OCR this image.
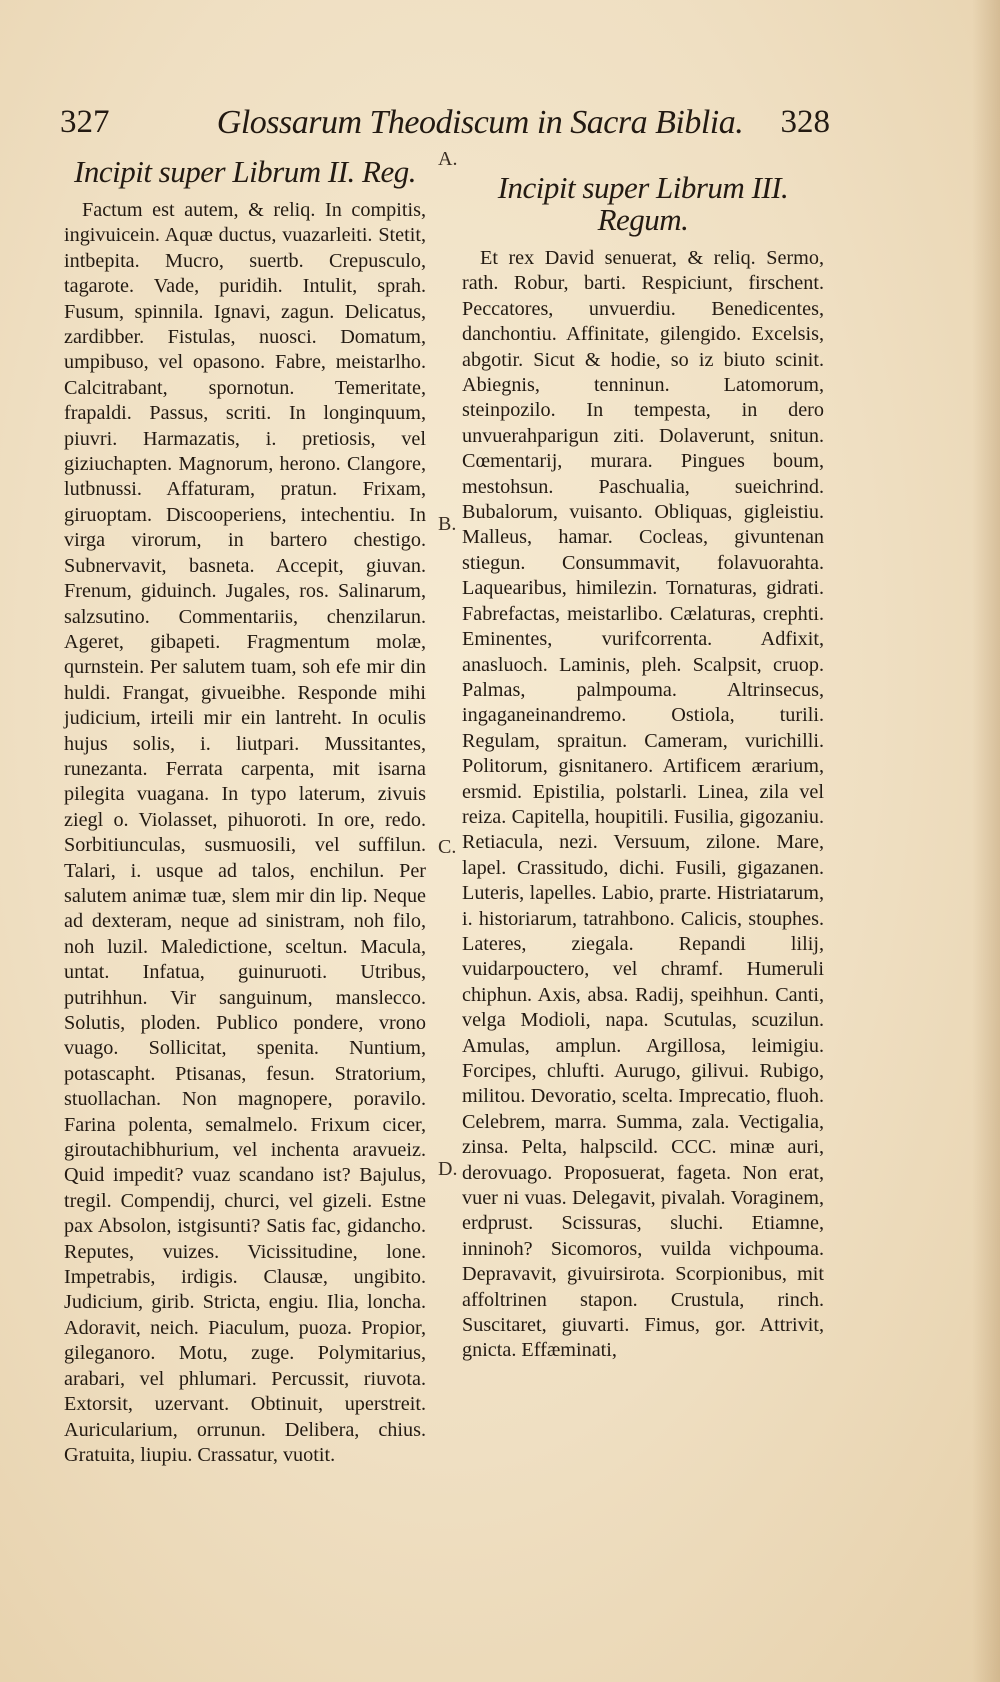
327	Glossarum Theodiscum in Sacra Biblia.	328
A.
B.
C.
D.
Incipit super Librum II. Reg.

Factum est autem, & reliq. In compitis, ingivuicein. Aquæ ductus, vuazarleiti. Stetit, intbepita. Mucro, suertb. Crepusculo, tagarote. Vade, puridih. Intulit, sprah. Fusum, spinnila. Ignavi, zagun. Delicatus, zardibber. Fistulas, nuosci. Domatum, umpibuso, vel opasono. Fabre, meistarlho. Calcitrabant, spornotun. Temeritate, frapaldi. Passus, scriti. In longinquum, piuvri. Harmazatis, i. pretiosis, vel giziuchapten. Magnorum, herono. Clangore, lutbnussi. Affaturam, pratun. Frixam, giruoptam. Discooperiens, intechentiu. In virga virorum, in bartero chestigo. Subnervavit, basneta. Accepit, giuvan. Frenum, giduinch. Jugales, ros. Salinarum, salzsutino. Commentariis, chenzilarun. Ageret, gibapeti. Fragmentum molæ, qurnstein. Per salutem tuam, soh efe mir din huldi. Frangat, givueibhe. Responde mihi judicium, irteili mir ein lantreht. In oculis hujus solis, i. liutpari. Mussitantes, runezanta. Ferrata carpenta, mit isarna pilegita vuagana. In typo laterum, zivuis ziegl o. Violasset, pihuoroti. In ore, redo. Sorbitiunculas, susmuosili, vel suffilun. Talari, i. usque ad talos, enchilun. Per salutem animæ tuæ, slem mir din lip. Neque ad dexteram, neque ad sinistram, noh filo, noh luzil. Maledictione, sceltun. Macula, untat. Infatua, guinuruoti. Utribus, putrihhun. Vir sanguinum, manslecco. Solutis, ploden. Publico pondere, vrono vuago. Sollicitat, spenita. Nuntium, potascapht. Ptisanas, fesun. Stratorium, stuollachan. Non magnopere, poravilo. Farina polenta, semalmelo. Frixum cicer, giroutachibhurium, vel inchenta aravueiz. Quid impedit? vuaz scandano ist? Bajulus, tregil. Compendij, churci, vel gizeli. Estne pax Absolon, istgisunti? Satis fac, gidancho. Reputes, vuizes. Vicissitudine, lone. Impetrabis, irdigis. Clausæ, ungibito. Judicium, girib. Stricta, engiu. Ilia, loncha. Adoravit, neich. Piaculum, puoza. Propior, gileganoro. Motu, zuge. Polymitarius, arabari, vel phlumari. Percussit, riuvota. Extorsit, uzervant. Obtinuit, uperstreit. Auricularium, orrunun. Delibera, chius. Gratuita, liupiu. Crassatur, vuotit.

Incipit super Librum III. Regum.

Et rex David senuerat, & reliq. Sermo, rath. Robur, barti. Respiciunt, firschent. Peccatores, unvuerdiu. Benedicentes, danchontiu. Affinitate, gilengido. Excelsis, abgotir. Sicut & hodie, so iz biuto scinit. Abiegnis, tenninun. Latomorum, steinpozilo. In tempesta, in dero unvuerahparigun ziti. Dolaverunt, snitun. Cœmentarij, murara. Pingues boum, mestohsun. Paschualia, sueichrind. Bubalorum, vuisanto. Obliquas, gigleistiu. Malleus, hamar. Cocleas, givuntenan stiegun. Consummavit, folavuorahta. Laquearibus, himilezin. Tornaturas, gidrati. Fabrefactas, meistarlibo. Cælaturas, crephti. Eminentes, vurifcorrenta. Adfixit, anasluoch. Laminis, pleh. Scalpsit, cruop. Palmas, palmpouma. Altrinsecus, ingaganeinandremo. Ostiola, turili. Regulam, spraitun. Cameram, vurichilli. Politorum, gisnitanero. Artificem ærarium, ersmid. Epistilia, polstarli. Linea, zila vel reiza. Capitella, houpitili. Fusilia, gigozaniu. Retiacula, nezi. Versuum, zilone. Mare, lapel. Crassitudo, dichi. Fusili, gigazanen. Luteris, lapelles. Labio, prarte. Histriatarum, i. historiarum, tatrahbono. Calicis, stouphes. Lateres, ziegala. Repandi lilij, vuidarpouctero, vel chramf. Humeruli chiphun. Axis, absa. Radij, speihhun. Canti, velga Modioli, napa. Scutulas, scuzilun. Amulas, amplun. Argillosa, leimigiu. Forcipes, chlufti. Aurugo, gilivui. Rubigo, militou. Devoratio, scelta. Imprecatio, fluoh. Celebrem, marra. Summa, zala. Vectigalia, zinsa. Pelta, halpscild. CCC. minæ auri, derovuago. Proposuerat, fageta. Non erat, vuer ni vuas. Delegavit, pivalah. Voraginem, erdprust. Scissuras, sluchi. Etiamne, inninoh? Sicomoros, vuilda vichpouma. Depravavit, givuirsirota. Scorpionibus, mit affoltrinen stapon. Crustula, rinch. Suscitaret, giuvarti. Fimus, gor. Attrivit, gnicta. Effæminati,
